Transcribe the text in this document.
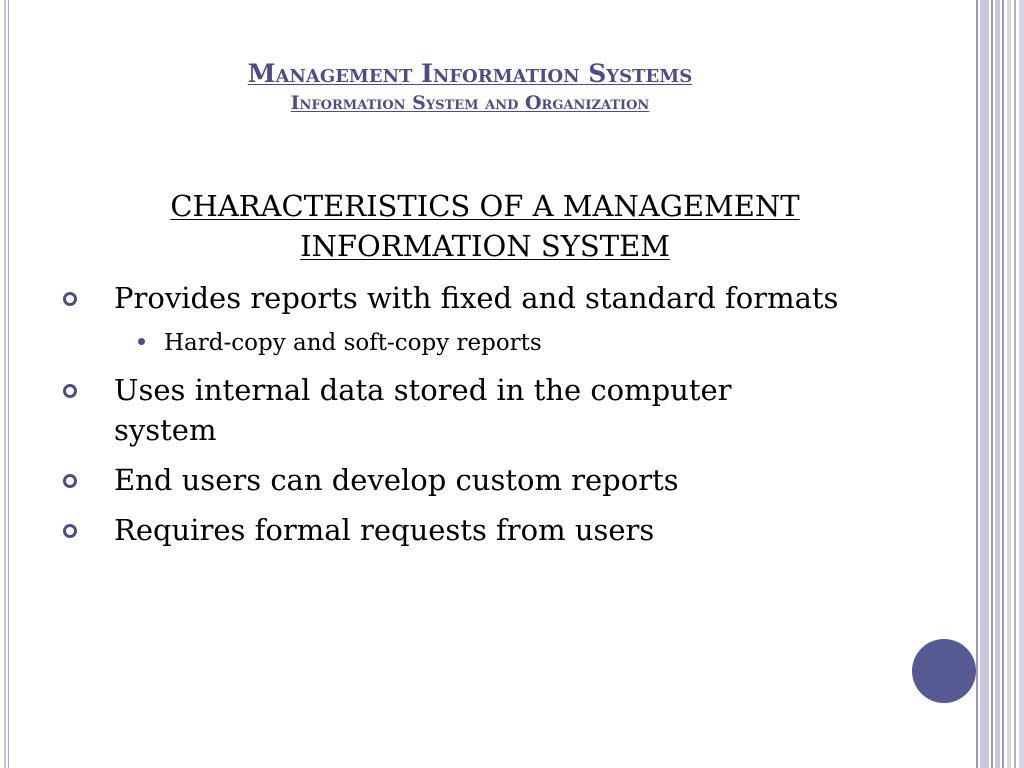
Management Information Systems
Information System and Organization
CHARACTERISTICS OF A MANAGEMENT INFORMATION SYSTEM
Provides reports with fixed and standard formats
Hard-copy and soft-copy reports
Uses internal data stored in the computer system
End users can develop custom reports
Requires formal requests from users
